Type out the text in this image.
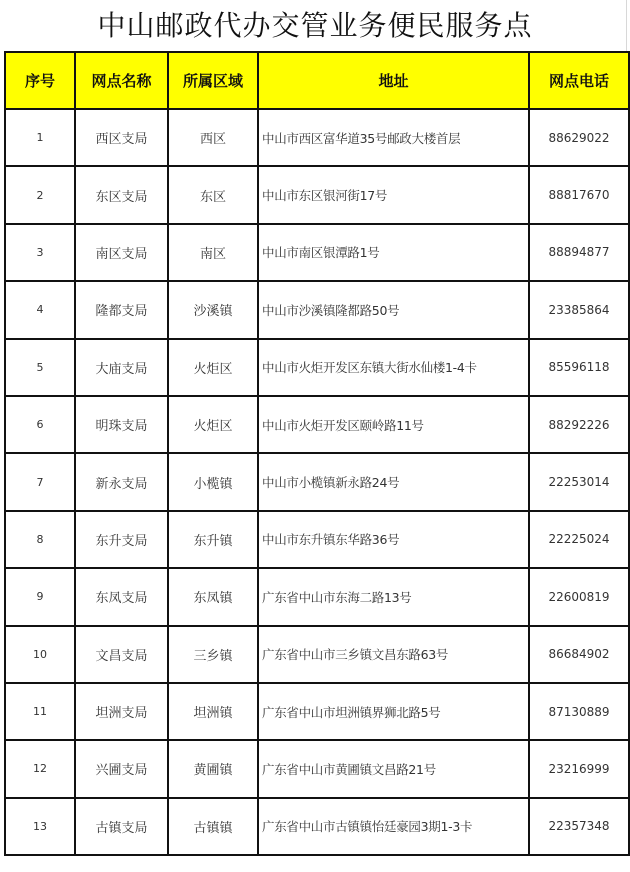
中山邮政代办交管业务便民服务点
序号	网点名称	所属区域	地址	网点电话
1	西区支局	西区	中山市西区富华道35号邮政大楼首层	88629022
2	东区支局	东区	中山市东区银河街17号	88817670
3	南区支局	南区	中山市南区银潭路1号	88894877
4	隆都支局	沙溪镇	中山市沙溪镇隆都路50号	23385864
5	大庙支局	火炬区	中山市火炬开发区东镇大街水仙楼1-4卡	85596118
6	明珠支局	火炬区	中山市火炬开发区颐岭路11号	88292226
7	新永支局	小榄镇	中山市小榄镇新永路24号	22253014
8	东升支局	东升镇	中山市东升镇东华路36号	22225024
9	东凤支局	东凤镇	广东省中山市东海二路13号	22600819
10	文昌支局	三乡镇	广东省中山市三乡镇文昌东路63号	86684902
11	坦洲支局	坦洲镇	广东省中山市坦洲镇界狮北路5号	87130889
12	兴圃支局	黄圃镇	广东省中山市黄圃镇文昌路21号	23216999
13	古镇支局	古镇镇	广东省中山市古镇镇怡廷豪园3期1-3卡	22357348
